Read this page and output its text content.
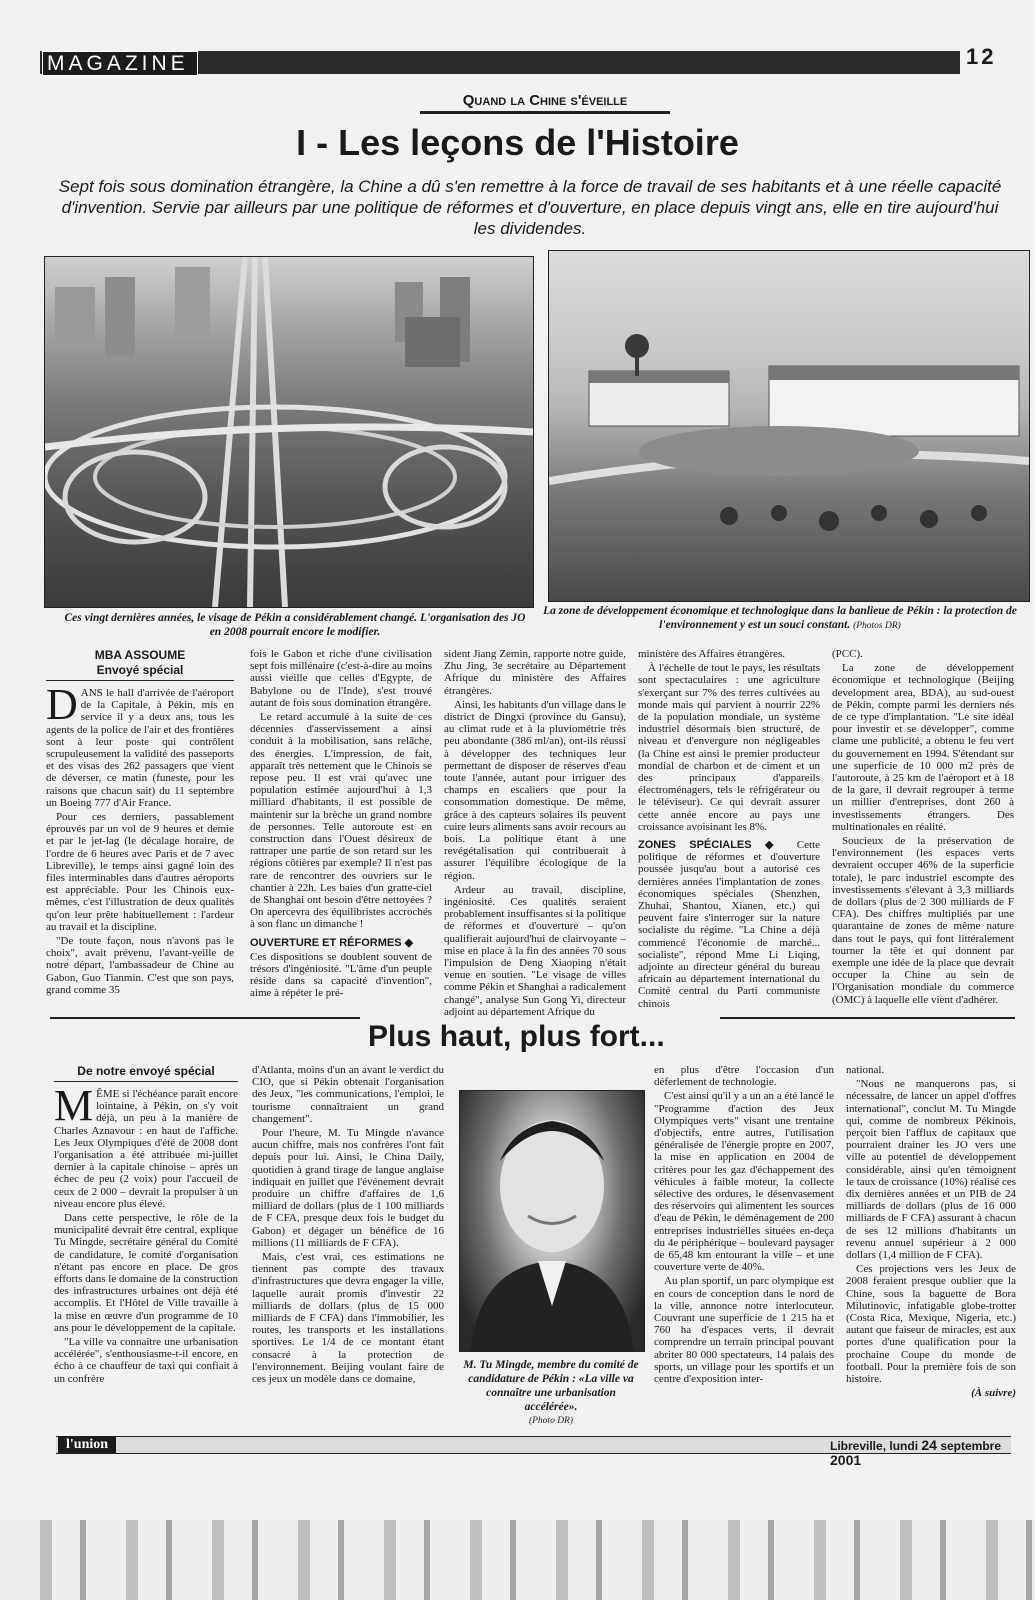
MAGAZINE	12
Quand la Chine s'éveille
I - Les leçons de l'Histoire
Sept fois sous domination étrangère, la Chine a dû s'en remettre à la force de travail de ses habitants et à une réelle capacité d'invention. Servie par ailleurs par une politique de réformes et d'ouverture, en place depuis vingt ans, elle en tire aujourd'hui les dividendes.
Ces vingt dernières années, le visage de Pékin a considérablement changé. L'organisation des JO en 2008 pourrait encore le modifier.
La zone de développement économique et technologique dans la banlieue de Pékin : la protection de l'environnement y est un souci constant. (Photos DR)
MBA ASSOUME
Envoyé spécial

DANS le hall d'arrivée de l'aéroport de la Capitale, à Pékin, mis en service il y a deux ans, tous les agents de la police de l'air et des frontières sont à leur poste qui contrôlent scrupuleusement la validité des passeports et des visas des 262 passagers que vient de déverser, ce matin (funeste, pour les raisons que chacun sait) du 11 septembre un Boeing 777 d'Air France.

Pour ces derniers, passablement éprouvés par un vol de 9 heures et demie et par le jet-lag (le décalage horaire, de l'ordre de 6 heures avec Paris et de 7 avec Libreville), le temps ainsi gagné loin des files interminables dans d'autres aéroports est appréciable. Pour les Chinois eux-mêmes, c'est l'illustration de deux qualités qu'on leur prête habituellement : l'ardeur au travail et la discipline.

"De toute façon, nous n'avons pas le choix", avait prévenu, l'avant-veille de notre départ, l'ambassadeur de Chine au Gabon, Guo Tianmin. C'est que son pays, grand comme 35

fois le Gabon et riche d'une civilisation sept fois millénaire (c'est-à-dire au moins aussi vieille que celles d'Egypte, de Babylone ou de l'Inde), s'est trouvé autant de fois sous domination étrangère.

Le retard accumulé à la suite de ces décennies d'asservissement a ainsi conduit à la mobilisation, sans relâche, des énergies. L'impression, de fait, apparaît très nettement que le Chinois se repose peu. Il est vrai qu'avec une population estimée aujourd'hui à 1,3 milliard d'habitants, il est possible de maintenir sur la brèche un grand nombre de personnes. Telle autoroute est en construction dans l'Ouest désireux de rattraper une partie de son retard sur les régions côtières par exemple? Il n'est pas rare de rencontrer des ouvriers sur le chantier à 22h. Les baies d'un gratte-ciel de Shanghai ont besoin d'être nettoyées ? On apercevra des équilibristes accrochés à son flanc un dimanche !

OUVERTURE ET RÉFORMES ◆

Ces dispositions se doublent souvent de trésors d'ingéniosité. "L'âme d'un peuple réside dans sa capacité d'invention", aime à répéter le pré-

sident Jiang Zemin, rapporte notre guide, Zhu Jing, 3e secrétaire au Département Afrique du ministère des Affaires étrangères.

Ainsi, les habitants d'un village dans le district de Dingxi (province du Gansu), au climat rude et à la pluviométrie très peu abondante (386 ml/an), ont-ils réussi à développer des techniques leur permettant de disposer de réserves d'eau toute l'année, autant pour irriguer des champs en escaliers que pour la consommation domestique. De même, grâce à des capteurs solaires ils peuvent cuire leurs aliments sans avoir recours au bois. La politique étant à une revégétalisation qui contribuerait à assurer l'équilibre écologique de la région.

Ardeur au travail, discipline, ingéniosité. Ces qualités seraient probablement insuffisantes si la politique de réformes et d'ouverture – qu'on qualifierait aujourd'hui de clairvoyante – mise en place à la fin des années 70 sous l'impulsion de Deng Xiaoping n'était venue en soutien. "Le visage de villes comme Pékin et Shanghai a radicalement changé", analyse Sun Gong Yi, directeur adjoint au département Afrique du

ministère des Affaires étrangères.

À l'échelle de tout le pays, les résultats sont spectaculaires : une agriculture s'exerçant sur 7% des terres cultivées au monde mais qui parvient à nourrir 22% de la population mondiale, un système industriel désormais bien structuré, de niveau et d'envergure non négligeables (la Chine est ainsi le premier producteur mondial de charbon et de ciment et un des principaux d'appareils électroménagers, tels le réfrigérateur ou le téléviseur). Ce qui devrait assurer cette année encore au pays une croissance avoisinant les 8%.

ZONES SPÉCIALES ◆ Cette politique de réformes et d'ouverture poussée jusqu'au bout a autorisé ces dernières années l'implantation de zones économiques spéciales (Shenzhen, Zhuhai, Shantou, Xianen, etc.) qui peuvent faire s'interroger sur la nature socialiste du régime. "La Chine a déjà commencé l'économie de marché... socialiste", répond Mme Li Liqing, adjointe au directeur général du bureau africain au département international du Comité central du Parti communiste chinois

(PCC).

La zone de développement économique et technologique (Beijing development area, BDA), au sud-ouest de Pékin, compte parmi les derniers nés de ce type d'implantation. "Le site idéal pour investir et se développer", comme clame une publicité, a obtenu le feu vert du gouvernement en 1994. S'étendant sur une superficie de 10 000 m2 près de l'autoroute, à 25 km de l'aéroport et à 18 de la gare, il devrait regrouper à terme un millier d'entreprises, dont 260 à investissements étrangers. Des multinationales en réalité.

Soucieux de la préservation de l'environnement (les espaces verts devraient occuper 46% de la superficie totale), le parc industriel escompte des investissements s'élevant à 3,3 milliards de dollars (plus de 2 300 milliards de F CFA). Des chiffres multipliés par une quarantaine de zones de même nature dans tout le pays, qui font littéralement tourner la tête et qui donnent par exemple une idée de la place que devrait occuper la Chine au sein de l'Organisation mondiale du commerce (OMC) à laquelle elle vient d'adhérer.

Plus haut, plus fort...
De notre envoyé spécial

MÊME si l'échéance paraît encore lointaine, à Pékin, on s'y voit déjà, un peu à la manière de Charles Aznavour : en haut de l'affiche. Les Jeux Olympiques d'été de 2008 dont l'organisation a été attribuée mi-juillet dernier à la capitale chinoise – après un échec de peu (2 voix) pour l'accueil de ceux de 2 000 – devrait la propulser à un niveau encore plus élevé.

Dans cette perspective, le rôle de la municipalité devrait être central, explique Tu Mingde, secrétaire général du Comité de candidature, le comité d'organisation n'étant pas encore en place. De gros efforts dans le domaine de la construction des infrastructures urbaines ont déjà été accomplis. Et l'Hôtel de Ville travaille à la mise en œuvre d'un programme de 10 ans pour le développement de la capitale.

"La ville va connaître une urbanisation accélérée", s'enthousiasme-t-il encore, en écho à ce chauffeur de taxi qui confiait à un confrère

d'Atlanta, moins d'un an avant le verdict du CIO, que si Pékin obtenait l'organisation des Jeux, "les communications, l'emploi, le tourisme connaîtraient un grand changement".

Pour l'heure, M. Tu Mingde n'avance aucun chiffre, mais nos confrères l'ont fait depuis pour lui. Ainsi, le China Daily, quotidien à grand tirage de langue anglaise indiquait en juillet que l'événement devrait produire un chiffre d'affaires de 1,6 milliard de dollars (plus de 1 100 milliards de F CFA, presque deux fois le budget du Gabon) et dégager un bénéfice de 16 millions (11 milliards de F CFA).

Mais, c'est vrai, ces estimations ne tiennent pas compte des travaux d'infrastructures que devra engager la ville, laquelle aurait promis d'investir 22 milliards de dollars (plus de 15 000 milliards de F CFA) dans l'immobilier, les routes, les transports et les installations sportives. Le 1/4 de ce montant étant consacré à la protection de l'environnement. Beijing voulant faire de ces jeux un modèle dans ce domaine,

M. Tu Mingde, membre du comité de candidature de Pékin : «La ville va connaître une urbanisation accélérée».
(Photo DR)

en plus d'être l'occasion d'un déferlement de technologie.

C'est ainsi qu'il y a un an a été lancé le "Programme d'action des Jeux Olympiques verts" visant une trentaine d'objectifs, entre autres, l'utilisation généralisée de l'énergie propre en 2007, la mise en application en 2004 de critères pour les gaz d'échappement des véhicules à faible moteur, la collecte sélective des ordures, le désenvasement des réservoirs qui alimentent les sources d'eau de Pékin, le déménagement de 200 entreprises industrielles situées en-deça du 4e périphérique – boulevard paysager de 65,48 km entourant la ville – et une couverture verte de 40%.

Au plan sportif, un parc olympique est en cours de conception dans le nord de la ville, annonce notre interlocuteur. Couvrant une superficie de 1 215 ha et 760 ha d'espaces verts, il devrait comprendre un terrain principal pouvant abriter 80 000 spectateurs, 14 palais des sports, un village pour les sportifs et un centre d'exposition inter-

national.

"Nous ne manquerons pas, si nécessaire, de lancer un appel d'offres international", conclut M. Tu Mingde qui, comme de nombreux Pékinois, perçoit bien l'afflux de capitaux que pourraient drainer les JO vers une ville au potentiel de développement considérable, ainsi qu'en témoignent le taux de croissance (10%) réalisé ces dix dernières années et un PIB de 24 milliards de dollars (plus de 16 000 milliards de F CFA) assurant à chacun de ses 12 millions d'habitants un revenu annuel supérieur à 2 000 dollars (1,4 million de F CFA).

Ces projections vers les Jeux de 2008 feraient presque oublier que la Chine, sous la baguette de Bora Milutinovic, infatigable globe-trotter (Costa Rica, Mexique, Nigeria, etc.) autant que faiseur de miracles, est aux portes d'une qualification pour la prochaine Coupe du monde de football. Pour la première fois de son histoire.

(À suivre)

l'union	Libreville, lundi 24 septembre 2001
